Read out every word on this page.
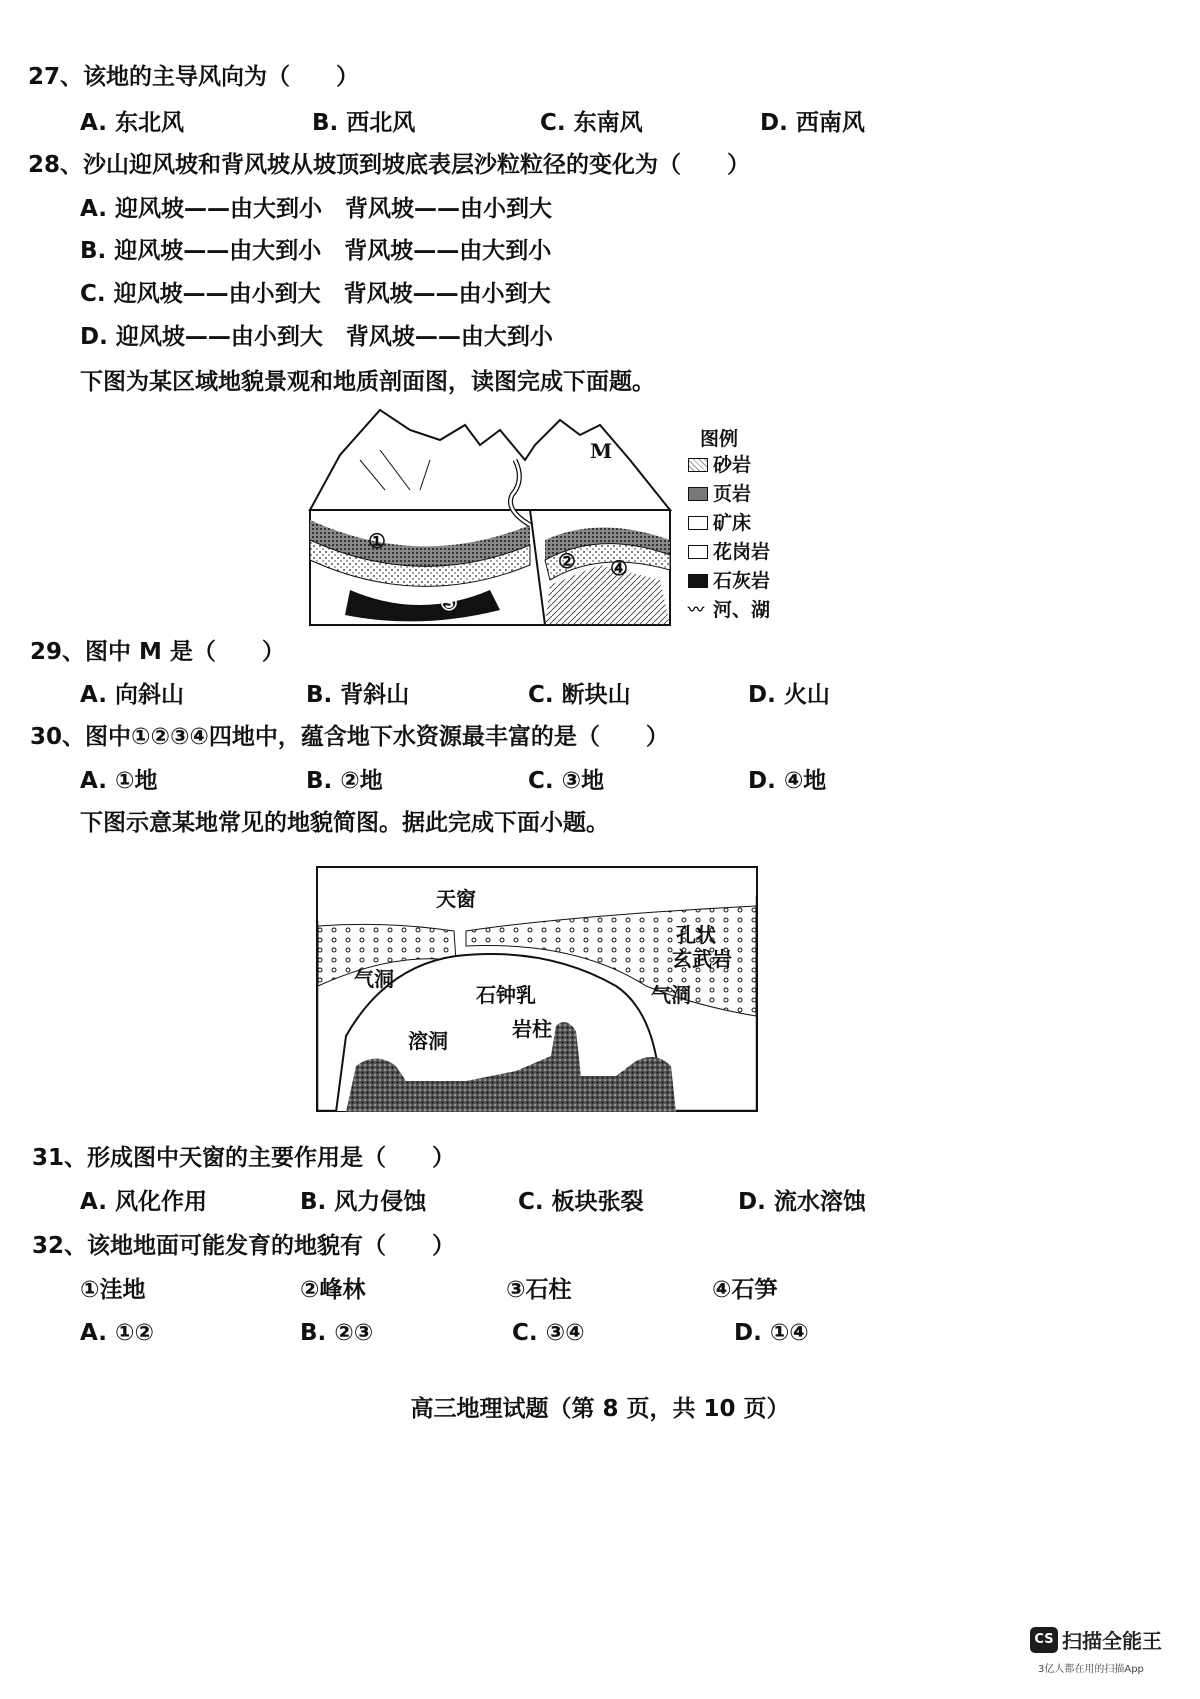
27、该地的主导风向为（　　）
A. 东北风	B. 西北风	C. 东南风	D. 西南风
28、沙山迎风坡和背风坡从坡顶到坡底表层沙粒粒径的变化为（　　）
A. 迎风坡——由大到小　背风坡——由小到大
B. 迎风坡——由大到小　背风坡——由大到小
C. 迎风坡——由小到大　背风坡——由小到大
D. 迎风坡——由小到大　背风坡——由大到小
下图为某区域地貌景观和地质剖面图，读图完成下面题。
M
①
②
③
④
图例
砂岩
页岩
矿床
花岗岩
石灰岩
〰 河、湖
29、图中 M 是（　　）
A. 向斜山	B. 背斜山	C. 断块山	D. 火山
30、图中①②③④四地中，蕴含地下水资源最丰富的是（　　）
A. ①地	B. ②地	C. ③地	D. ④地
下图示意某地常见的地貌简图。据此完成下面小题。
天窗
气洞
气洞
孔状
玄武岩
石钟乳
岩柱
溶洞
31、形成图中天窗的主要作用是（　　）
A. 风化作用	B. 风力侵蚀	C. 板块张裂	D. 流水溶蚀
32、该地地面可能发育的地貌有（　　）
①洼地	②峰林	③石柱	④石笋
A. ①②	B. ②③	C. ③④	D. ①④
高三地理试题（第 8 页，共 10 页）
CS 扫描全能王
3亿人都在用的扫描App
